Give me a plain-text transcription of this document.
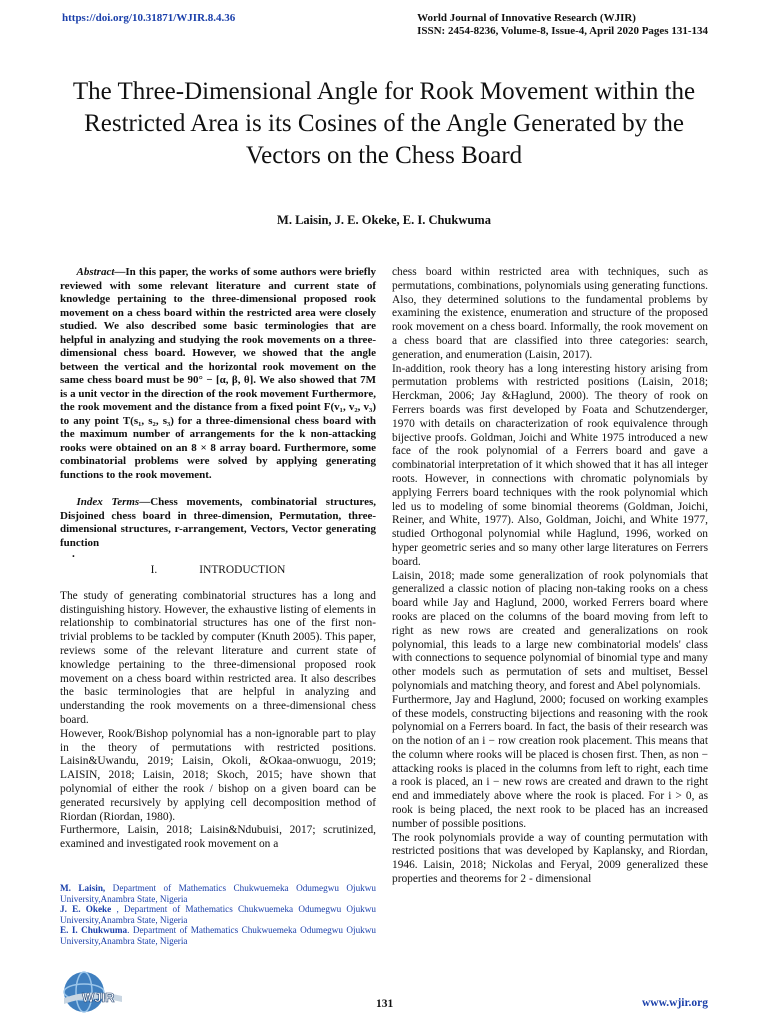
https://doi.org/10.31871/WJIR.8.4.36	World Journal of Innovative Research (WJIR)
ISSN: 2454-8236, Volume-8, Issue-4, April 2020 Pages 131-134
The Three-Dimensional Angle for Rook Movement within the Restricted Area is its Cosines of the Angle Generated by the Vectors on the Chess Board
M. Laisin, J. E. Okeke, E. I. Chukwuma

Abstract—In this paper, the works of some authors were briefly reviewed with some relevant literature and current state of knowledge pertaining to the three-dimensional proposed rook movement on a chess board within the restricted area were closely studied. We also described some basic terminologies that are helpful in analyzing and studying the rook movements on a three-dimensional chess board. However, we showed that the angle between the vertical and the horizontal rook movement on the same chess board must be 90° − [α, β, θ]. We also showed that 7M is a unit vector in the direction of the rook movement Furthermore, the rook movement and the distance from a fixed point F(v₁, v₂, v₃) to any point T(s₁, s₂, s₃) for a three-dimensional chess board with the maximum number of arrangements for the k non-attacking rooks were obtained on an 8 × 8 array board. Furthermore, some combinatorial problems were solved by applying generating functions to the rook movement.

Index Terms—Chess movements, combinatorial structures, Disjoined chess board in three-dimension, Permutation, three-dimensional structures, r-arrangement, Vectors, Vector generating function

.
I.	INTRODUCTION

The study of generating combinatorial structures has a long and distinguishing history. However, the exhaustive listing of elements in relationship to combinatorial structures has one of the first non-trivial problems to be tackled by computer (Knuth 2005). This paper, reviews some of the relevant literature and current state of knowledge pertaining to the three-dimensional proposed rook movement on a chess board within restricted area. It also describes the basic terminologies that are helpful in analyzing and understanding the rook movements on a three-dimensional chess board.

However, Rook/Bishop polynomial has a non-ignorable part to play in the theory of permutations with restricted positions. Laisin&Uwandu, 2019; Laisin, Okoli, &Okaa-onwuogu, 2019; LAISIN, 2018; Laisin, 2018; Skoch, 2015; have shown that polynomial of either the rook / bishop on a given board can be generated recursively by applying cell decomposition method of Riordan (Riordan, 1980).

Furthermore, Laisin, 2018; Laisin&Ndubuisi, 2017; scrutinized, examined and investigated rook movement on a

M. Laisin, Department of Mathematics Chukwuemeka Odumegwu Ojukwu University,Anambra State, Nigeria

J. E. Okeke , Department of Mathematics Chukwuemeka Odumegwu Ojukwu University,Anambra State, Nigeria

E. I. Chukwuma. Department of Mathematics Chukwuemeka Odumegwu Ojukwu University,Anambra State, Nigeria

chess board within restricted area with techniques, such as permutations, combinations, polynomials using generating functions. Also, they determined solutions to the fundamental problems by examining the existence, enumeration and structure of the proposed rook movement on a chess board. Informally, the rook movement on a chess board that are classified into three categories: search, generation, and enumeration (Laisin, 2017).

In-addition, rook theory has a long interesting history arising from permutation problems with restricted positions (Laisin, 2018; Herckman, 2006; Jay &Haglund, 2000). The theory of rook on Ferrers boards was first developed by Foata and Schutzenderger, 1970 with details on characterization of rook equivalence through bijective proofs. Goldman, Joichi and White 1975 introduced a new face of the rook polynomial of a Ferrers board and gave a combinatorial interpretation of it which showed that it has all integer roots. However, in connections with chromatic polynomials by applying Ferrers board techniques with the rook polynomial which led us to modeling of some binomial theorems (Goldman, Joichi, Reiner, and White, 1977). Also, Goldman, Joichi, and White 1977, studied Orthogonal polynomial while Haglund, 1996, worked on hyper geometric series and so many other large literatures on Ferrers board.

Laisin, 2018; made some generalization of rook polynomials that generalized a classic notion of placing non-taking rooks on a chess board while Jay and Haglund, 2000, worked Ferrers board where rooks are placed on the columns of the board moving from left to right as new rows are created and generalizations on rook polynomial, this leads to a large new combinatorial models' class with connections to sequence polynomial of binomial type and many other models such as permutation of sets and multiset, Bessel polynomials and matching theory, and forest and Abel polynomials.

Furthermore, Jay and Haglund, 2000; focused on working examples of these models, constructing bijections and reasoning with the rook polynomial on a Ferrers board. In fact, the basis of their research was on the notion of an i − row creation rook placement. This means that the column where rooks will be placed is chosen first. Then, as non − attacking rooks is placed in the columns from left to right, each time a rook is placed, an i − new rows are created and drawn to the right end and immediately above where the rook is placed. For i > 0, as rook is being placed, the next rook to be placed has an increased number of possible positions.

The rook polynomials provide a way of counting permutation with restricted positions that was developed by Kaplansky, and Riordan, 1946. Laisin, 2018; Nickolas and Feryal, 2009 generalized these properties and theorems for 2 - dimensional

WJIR	131	www.wjir.org
